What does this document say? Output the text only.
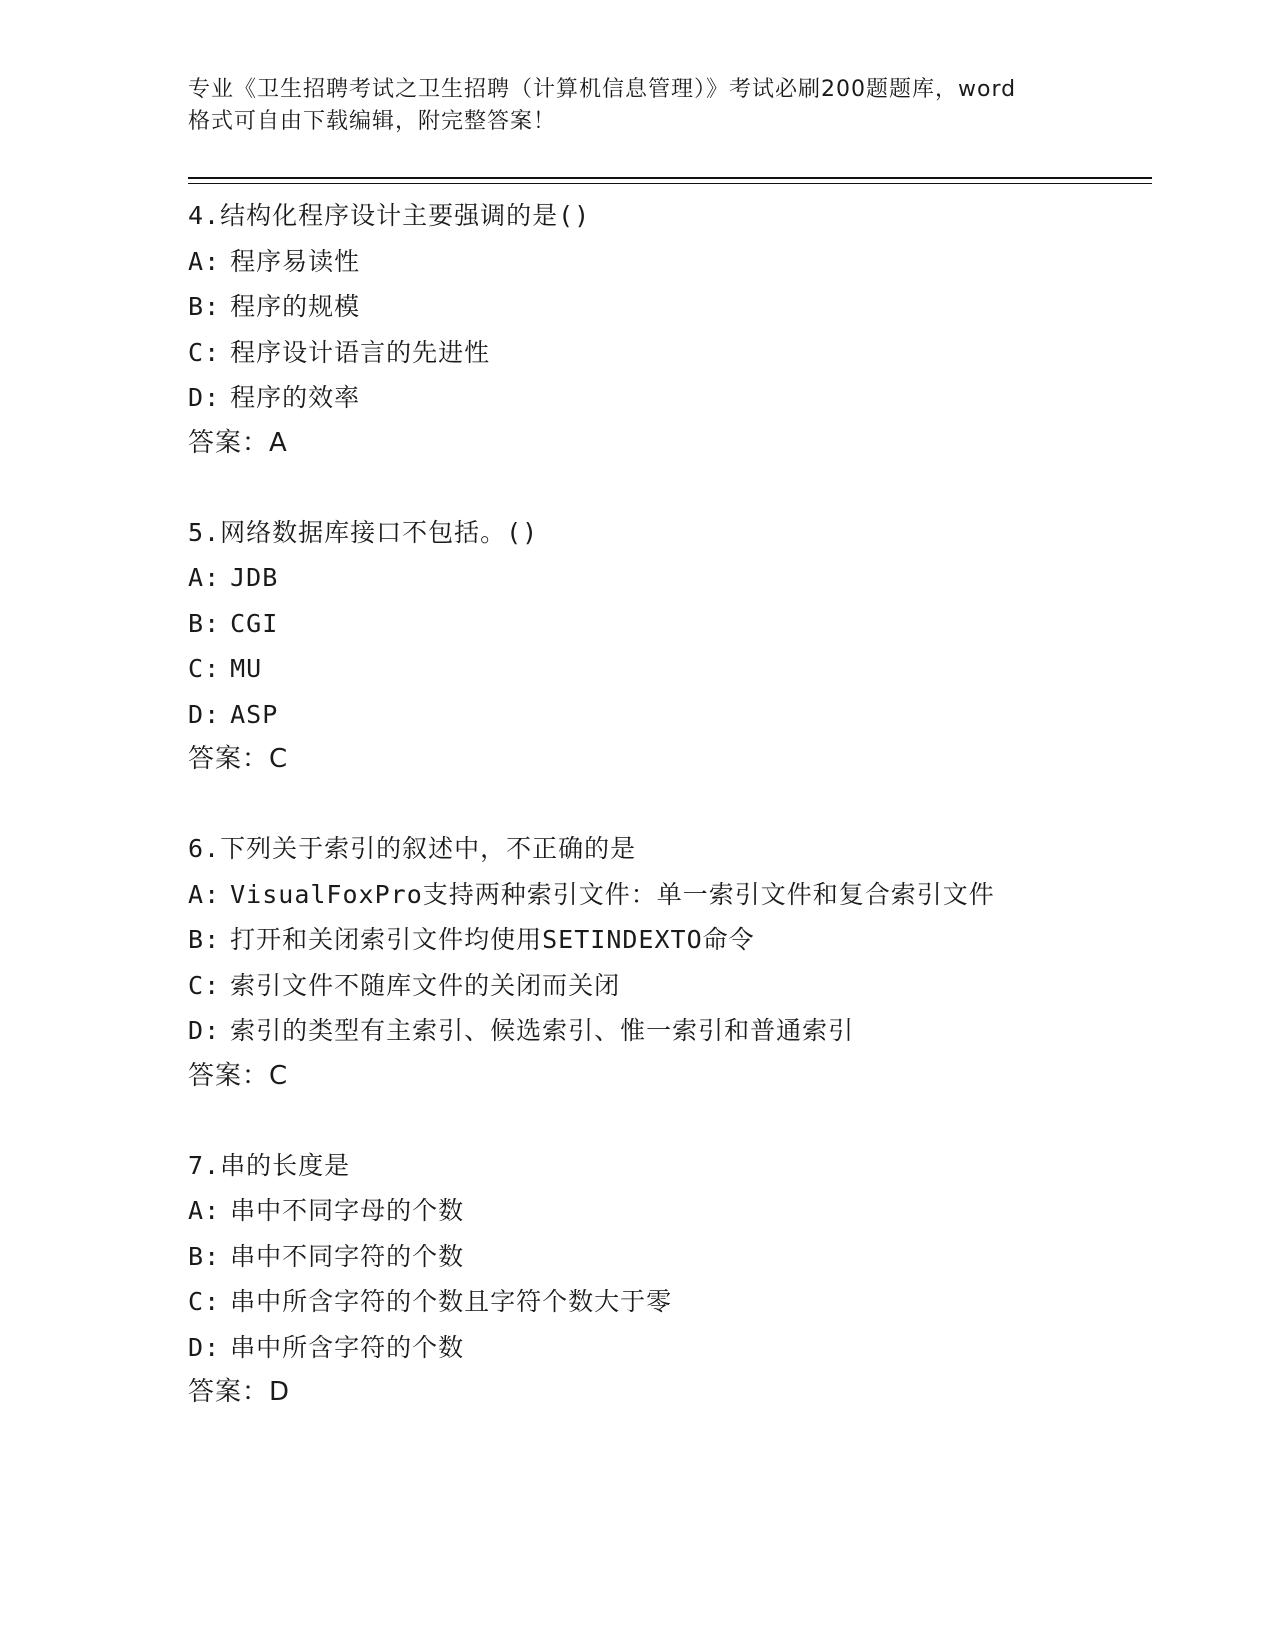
专业《卫生招聘考试之卫生招聘（计算机信息管理）》考试必刷200题题库，word
格式可自由下载编辑，附完整答案！
4.结构化程序设计主要强调的是()
A: 程序易读性
B: 程序的规模
C: 程序设计语言的先进性
D: 程序的效率
答案：A
5.网络数据库接口不包括。()
A: JDB
B: CGI
C: MU
D: ASP
答案：C
6.下列关于索引的叙述中，不正确的是
A: VisualFoxPro支持两种索引文件：单一索引文件和复合索引文件
B: 打开和关闭索引文件均使用SETINDEXTO命令
C: 索引文件不随库文件的关闭而关闭
D: 索引的类型有主索引、候选索引、惟一索引和普通索引
答案：C
7.串的长度是
A: 串中不同字母的个数
B: 串中不同字符的个数
C: 串中所含字符的个数且字符个数大于零
D: 串中所含字符的个数
答案：D
